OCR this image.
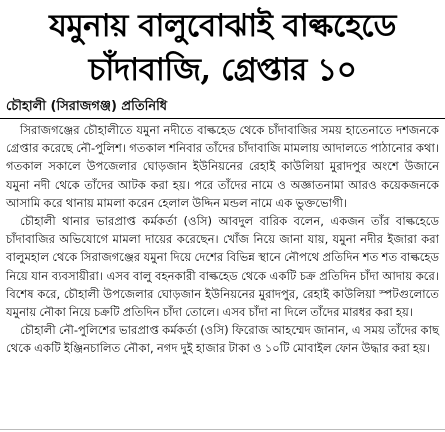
যমুনায় বালুবোঝাই বাল্কহেডে
চাঁদাবাজি, গ্রেপ্তার ১০
চৌহালী (সিরাজগঞ্জ) প্রতিনিধি

সিরাজগঞ্জের চৌহালীতে যমুনা নদীতে বাল্কহেড থেকে চাঁদাবাজির সময় হাতেনাতে দশজনকে গ্রেপ্তার করেছে নৌ-পুলিশ। গতকাল শনিবার তাঁদের চাঁদাবাজি মামলায় আদালতে পাঠানোর কথা। গতকাল সকালে উপজেলার ঘোড়জান ইউনিয়নের রেহাই কাউলিয়া মুরাদপুর অংশে উজানে যমুনা নদী থেকে তাঁদের আটক করা হয়। পরে তাঁদের নামে ও অজ্ঞাতনামা আরও কয়েকজনকে আসামি করে থানায় মামলা করেন হেলাল উদ্দিন মন্ডল নামে এক ভুক্তভোগী।

চৌহালী থানার ভারপ্রাপ্ত কর্মকর্তা (ওসি) আবদুল বারিক বলেন, একজন তাঁর বাল্কহেডে চাঁদাবাজির অভিযোগে মামলা দায়ের করেছেন। খোঁজ নিয়ে জানা যায়, যমুনা নদীর ইজারা করা বালুমহাল থেকে সিরাজগঞ্জের যমুনা দিয়ে দেশের বিভিন্ন স্থানে নৌপথে প্রতিদিন শত শত বাল্কহেড নিয়ে যান ব্যবসায়ীরা। এসব বালু বহনকারী বাল্কহেড থেকে একটি চক্র প্রতিদিন চাঁদা আদায় করে। বিশেষ করে, চৌহালী উপজেলার ঘোড়জান ইউনিয়নের মুরাদপুর, রেহাই কাউলিয়া স্পটগুলোতে যমুনায় নৌকা নিয়ে চক্রটি প্রতিদিন চাঁদা তোলে। এসব চাঁদা না দিলে তাঁদের মারধর করা হয়।

চৌহালী নৌ-পুলিশের ভারপ্রাপ্ত কর্মকর্তা (ওসি) ফিরোজ আহম্মেদ জানান, এ সময় তাঁদের কাছ থেকে একটি ইঞ্জিনচালিত নৌকা, নগদ দুই হাজার টাকা ও ১০টি মোবাইল ফোন উদ্ধার করা হয়।
